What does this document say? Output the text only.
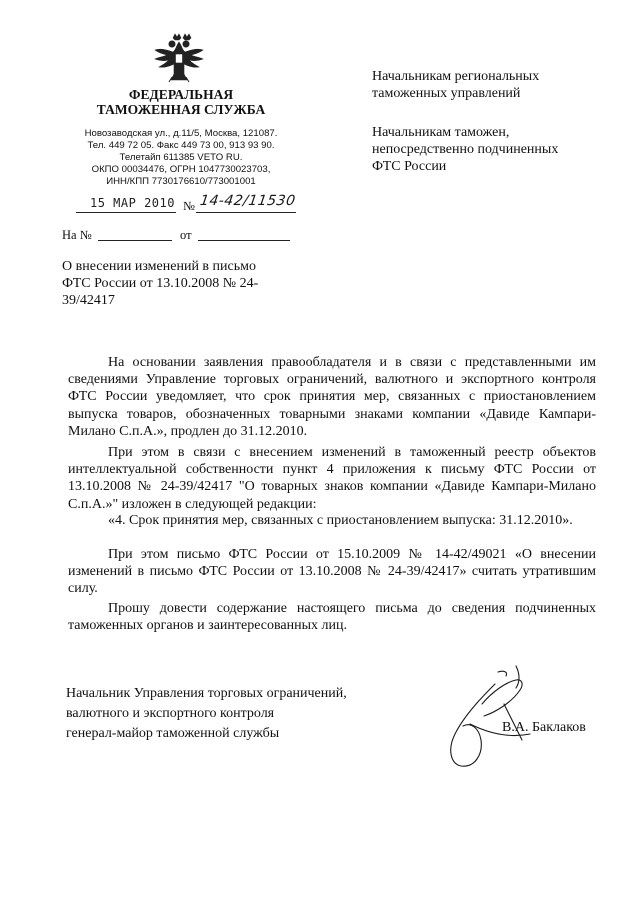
ФЕДЕРАЛЬНАЯ
ТАМОЖЕННАЯ СЛУЖБА
Новозаводская ул., д.11/5, Москва, 121087.
Тел. 449 72 05. Факс 449 73 00, 913 93 90.
Телетайп 611385 VETO RU.
ОКПО 00034476, ОГРН 1047730023703,
ИНН/КПП 7730176610/773001001
Начальникам региональных
таможенных управлений
Начальникам таможен,
непосредственно подчиненных
ФТС России
15 МАР 2010 № 14-42/11530
На №	от
О внесении изменений в письмо
ФТС России от 13.10.2008 № 24-
39/42417
На основании заявления правообладателя и в связи с представленными им сведениями Управление торговых ограничений, валютного и экспортного контроля ФТС России уведомляет, что срок принятия мер, связанных с приостановлением выпуска товаров, обозначенных товарными знаками компании «Давиде Кампари-Милано С.п.А.», продлен до 31.12.2010.
При этом в связи с внесением изменений в таможенный реестр объектов интеллектуальной собственности пункт 4 приложения к письму ФТС России от 13.10.2008 № 24-39/42417 "О товарных знаков компании «Давиде Кампари-Милано С.п.А.»" изложен в следующей редакции:
«4. Срок принятия мер, связанных с приостановлением выпуска: 31.12.2010».
При этом письмо ФТС России от 15.10.2009 № 14-42/49021 «О внесении изменений в письмо ФТС России от 13.10.2008 № 24-39/42417» считать утратившим силу.
Прошу довести содержание настоящего письма до сведения подчиненных таможенных органов и заинтересованных лиц.
Начальник Управления торговых ограничений,
валютного и экспортного контроля
генерал-майор таможенной службы	В.А. Баклаков
